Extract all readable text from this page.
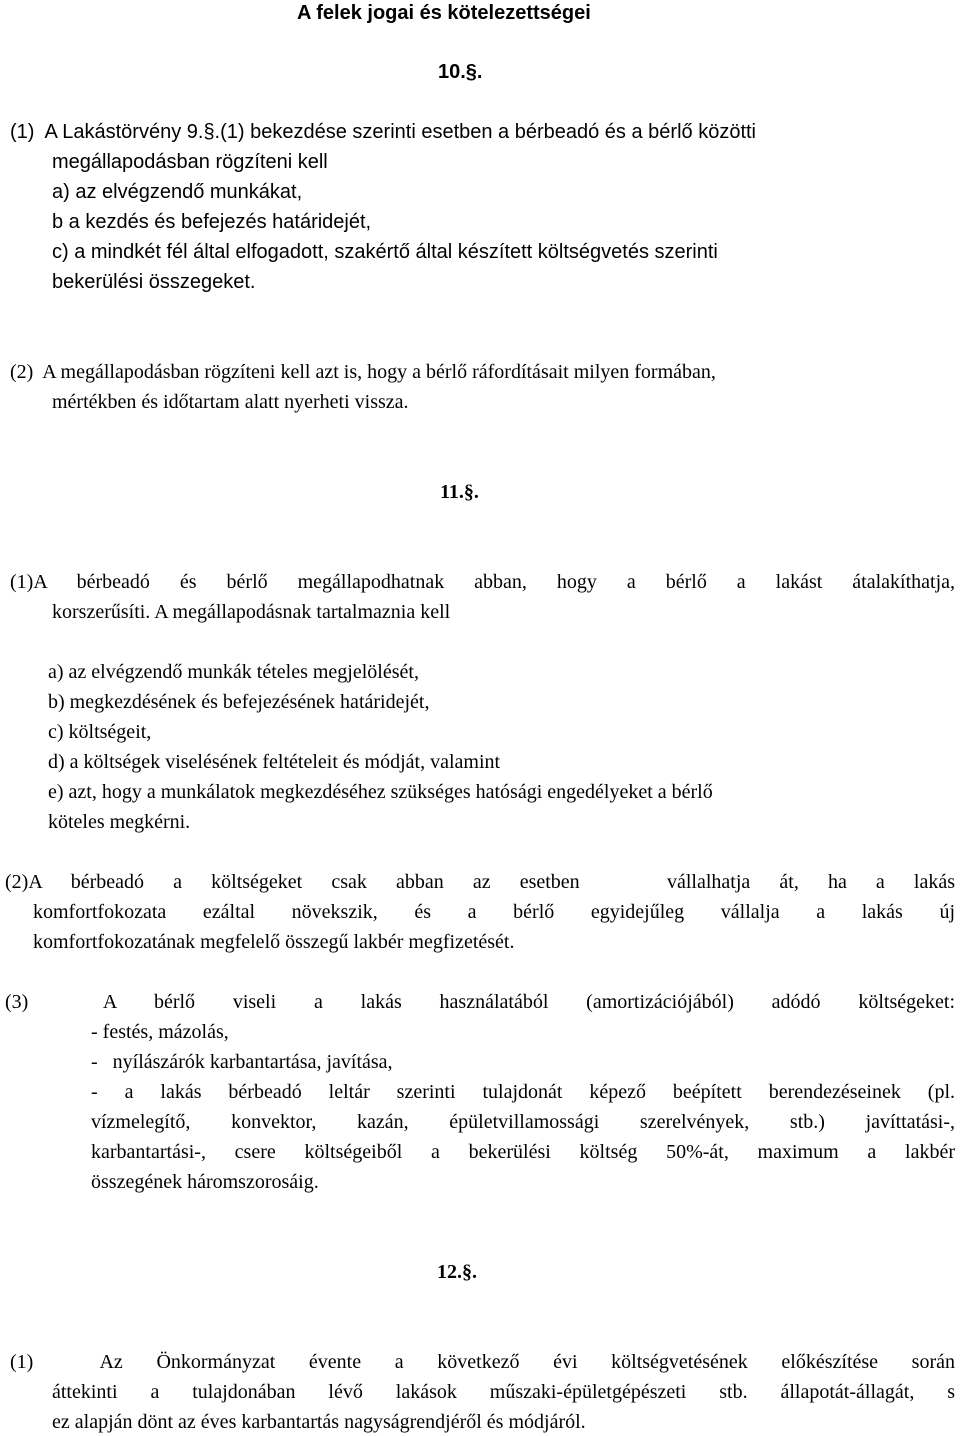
A felek jogai és kötelezettségei
10.§.
(1)  A Lakástörvény 9.§.(1) bekezdése szerinti esetben a bérbeadó és a bérlő közötti
megállapodásban rögzíteni kell
a) az elvégzendő munkákat,
b a kezdés és befejezés határidejét,
c) a mindkét fél által elfogadott, szakértő által készített költségvetés szerinti
bekerülési összegeket.
(2)  A megállapodásban rögzíteni kell azt is, hogy a bérlő ráfordításait milyen formában,
mértékben és időtartam alatt nyerheti vissza.
11.§.
(1)A bérbeadó és bérlő megállapodhatnak abban, hogy a bérlő a lakást átalakíthatja,
korszerűsíti. A megállapodásnak tartalmaznia kell
a) az elvégzendő munkák tételes megjelölését,
b) megkezdésének és befejezésének határidejét,
c) költségeit,
d) a költségek viselésének feltételeit és módját, valamint
e) azt, hogy a munkálatok megkezdéséhez szükséges hatósági engedélyeket a bérlő
köteles megkérni.
(2)A bérbeadó a költségeket csak abban az esetben   vállalhatja át, ha a lakás
komfortfokozata ezáltal növekszik, és a bérlő egyidejűleg vállalja a lakás új
komfortfokozatának megfelelő összegű lakbér megfizetését.
(3)  A bérlő viseli a lakás használatából (amortizációjából) adódó költségeket:
- festés, mázolás,
-   nyílászárók karbantartása, javítása,
- a lakás bérbeadó leltár szerinti tulajdonát képező beépített berendezéseinek (pl.
vízmelegítő, konvektor, kazán, épületvillamossági szerelvények, stb.) javíttatási-,
karbantartási-, csere költségeiből a bekerülési költség 50%-át, maximum a lakbér
összegének háromszorosáig.
12.§.
(1)  Az Önkormányzat évente a következő évi költségvetésének előkészítése során
áttekinti a tulajdonában lévő lakások műszaki-épületgépészeti stb. állapotát-állagát, s
ez alapján dönt az éves karbantartás nagyságrendjéről és módjáról.
